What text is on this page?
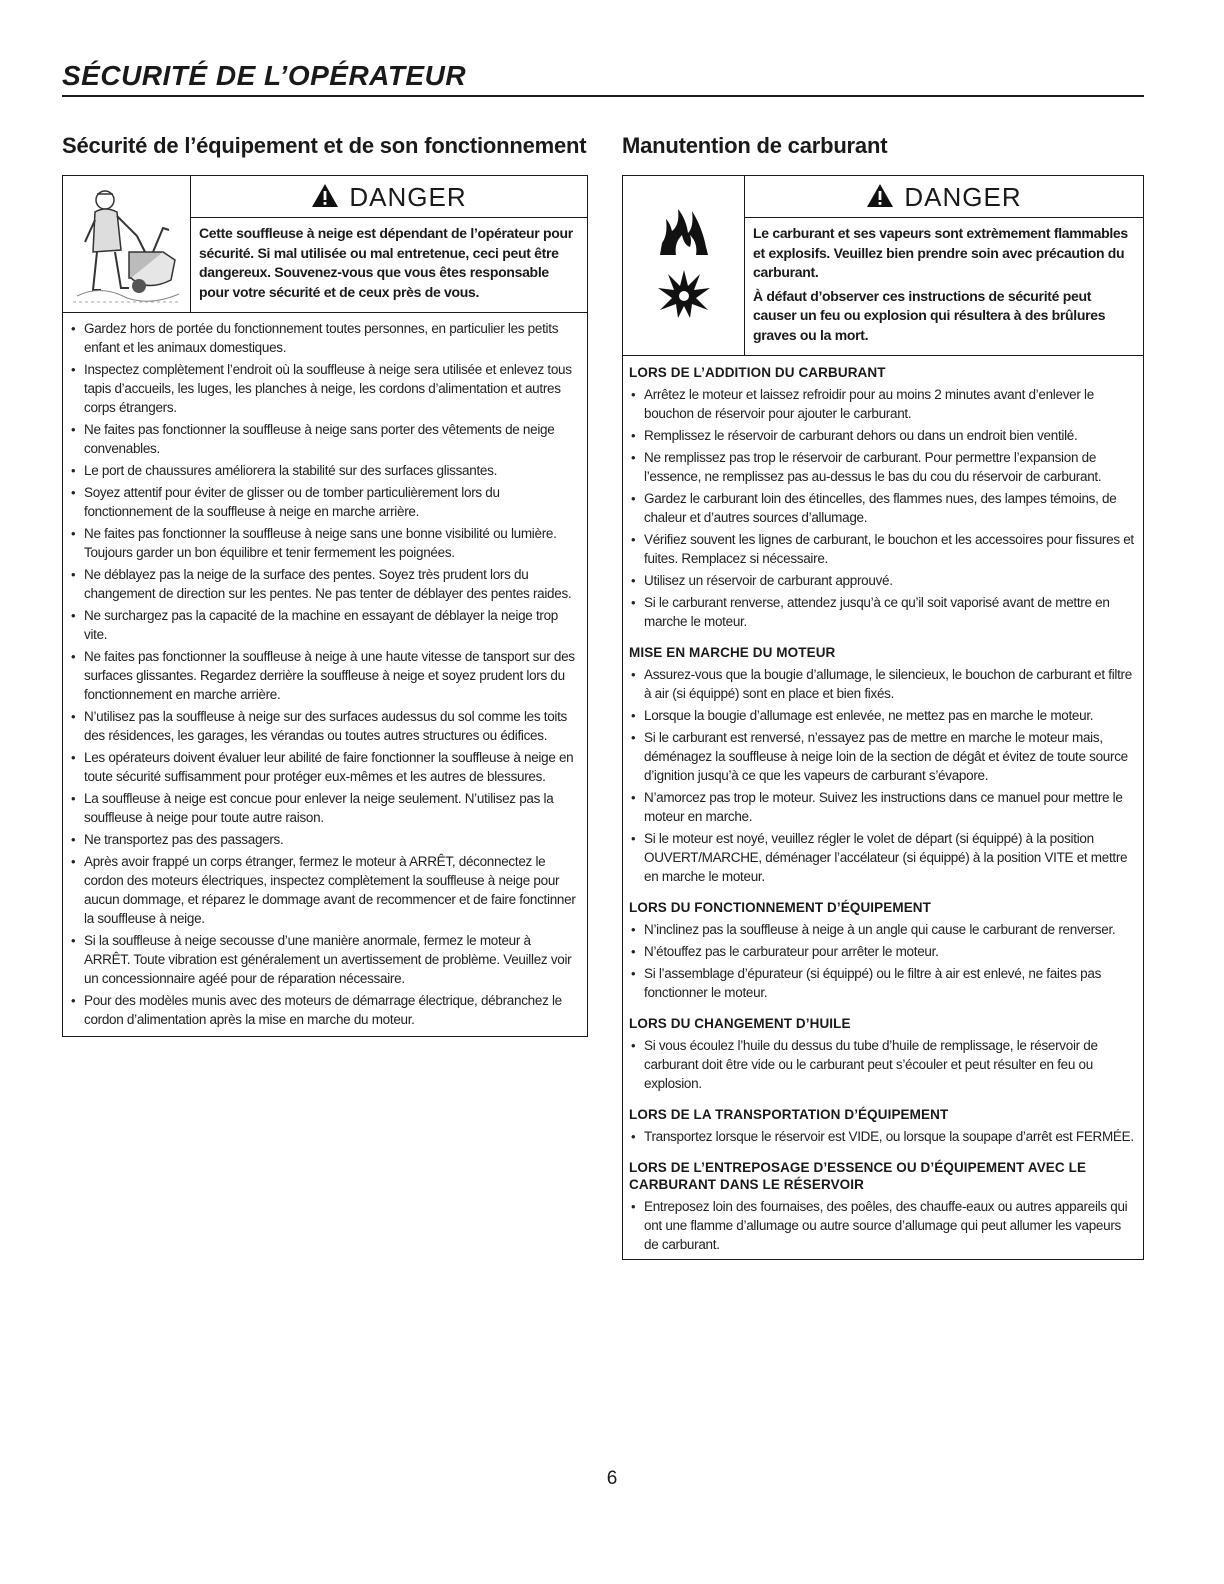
SÉCURITÉ DE L’OPÉRATEUR
Sécurité de l’équipement et de son fonctionnement
DANGER

Cette souffleuse à neige est dépendant de l’opérateur pour sécurité. Si mal utilisée ou mal entretenue, ceci peut être dangereux. Souvenez-vous que vous êtes responsable pour votre sécurité et de ceux près de vous.

• Gardez hors de portée du fonctionnement toutes personnes, en particulier les petits enfant et les animaux domestiques.
• Inspectez complètement l’endroit où la souffleuse à neige sera utilisée et enlevez tous tapis d’accueils, les luges, les planches à neige, les cordons d’alimentation et autres corps étrangers.
• Ne faites pas fonctionner la souffleuse à neige sans porter des vêtements de neige convenables.
• Le port de chaussures améliorera la stabilité sur des surfaces glissantes.
• Soyez attentif pour éviter de glisser ou de tomber particulièrement lors du fonctionnement de la souffleuse à neige en marche arrière.
• Ne faites pas fonctionner la souffleuse à neige sans une bonne visibilité ou lumière. Toujours garder un bon équilibre et tenir fermement les poignées.
• Ne déblayez pas la neige de la surface des pentes. Soyez très prudent lors du changement de direction sur les pentes. Ne pas tenter de déblayer des pentes raides.
• Ne surchargez pas la capacité de la machine en essayant de déblayer la neige trop vite.
• Ne faites pas fonctionner la souffleuse à neige à une haute vitesse de tansport sur des surfaces glissantes. Regardez derrière la souffleuse à neige et soyez prudent lors du fonctionnement en marche arrière.
• N’utilisez pas la souffleuse à neige sur des surfaces audessus du sol comme les toits des résidences, les garages, les vérandas ou toutes autres structures ou édifices.
• Les opérateurs doivent évaluer leur abilité de faire fonctionner la souffleuse à neige en toute sécurité suffisamment pour protéger eux-mêmes et les autres de blessures.
• La souffleuse à neige est concue pour enlever la neige seulement. N’utilisez pas la souffleuse à neige pour toute autre raison.
• Ne transportez pas des passagers.
• Après avoir frappé un corps étranger, fermez le moteur à ARRÊT, déconnectez le cordon des moteurs électriques, inspectez complètement la souffleuse à neige pour aucun dommage, et réparez le dommage avant de recommencer et de faire fonctinner la souffleuse à neige.
• Si la souffleuse à neige secousse d’une manière anormale, fermez le moteur à ARRÊT. Toute vibration est généralement un avertissement de problème. Veuillez voir un concessionnaire agéé pour de réparation nécessaire.
• Pour des modèles munis avec des moteurs de démarrage électrique, débranchez le cordon d’alimentation après la mise en marche du moteur.
Manutention de carburant
DANGER

Le carburant et ses vapeurs sont extrèmement flammables et explosifs. Veuillez bien prendre soin avec précaution du carburant.

À défaut d’observer ces instructions de sécurité peut causer un feu ou explosion qui résultera à des brûlures graves ou la mort.

LORS DE L’ADDITION DU CARBURANT
• Arrêtez le moteur et laissez refroidir pour au moins 2 minutes avant d’enlever le bouchon de réservoir pour ajouter le carburant.
• Remplissez le réservoir de carburant dehors ou dans un endroit bien ventilé.
• Ne remplissez pas trop le réservoir de carburant. Pour permettre l’expansion de l’essence, ne remplissez pas au-dessus le bas du cou du réservoir de carburant.
• Gardez le carburant loin des étincelles, des flammes nues, des lampes témoins, de chaleur et d’autres sources d’allumage.
• Vérifiez souvent les lignes de carburant, le bouchon et les accessoires pour fissures et fuites. Remplacez si nécessaire.
• Utilisez un réservoir de carburant approuvé.
• Si le carburant renverse, attendez jusqu’à ce qu’il soit vaporisé avant de mettre en marche le moteur.
MISE EN MARCHE DU MOTEUR
• Assurez-vous que la bougie d’allumage, le silencieux, le bouchon de carburant et filtre à air (si équippé) sont en place et bien fixés.
• Lorsque la bougie d’allumage est enlevée, ne mettez pas en marche le moteur.
• Si le carburant est renversé, n’essayez pas de mettre en marche le moteur mais, déménagez la souffleuse à neige loin de la section de dégât et évitez de toute source d’ignition jusqu’à ce que les vapeurs de carburant s’évapore.
• N’amorcez pas trop le moteur. Suivez les instructions dans ce manuel pour mettre le moteur en marche.
• Si le moteur est noyé, veuillez régler le volet de départ (si équippé) à la position OUVERT/MARCHE, déménager l’accélateur (si équippé) à la position VITE et mettre en marche le moteur.
LORS DU FONCTIONNEMENT D’ÉQUIPEMENT
• N’inclinez pas la souffleuse à neige à un angle qui cause le carburant de renverser.
• N’étouffez pas le carburateur pour arrêter le moteur.
• Si l’assemblage d’épurateur (si équippé) ou le filtre à air est enlevé, ne faites pas fonctionner le moteur.
LORS DU CHANGEMENT D’HUILE
• Si vous écoulez l’huile du dessus du tube d’huile de remplissage, le réservoir de carburant doit être vide ou le carburant peut s’écouler et peut résulter en feu ou explosion.
LORS DE LA TRANSPORTATION D’ÉQUIPEMENT
• Transportez lorsque le réservoir est VIDE, ou lorsque la soupape d’arrêt est FERMÉE.
LORS DE L’ENTREPOSAGE D’ESSENCE OU D’ÉQUIPEMENT AVEC LE CARBURANT DANS LE RÉSERVOIR
• Entreposez loin des fournaises, des poêles, des chauffe-eaux ou autres appareils qui ont une flamme d’allumage ou autre source d’allumage qui peut allumer les vapeurs de carburant.
6
